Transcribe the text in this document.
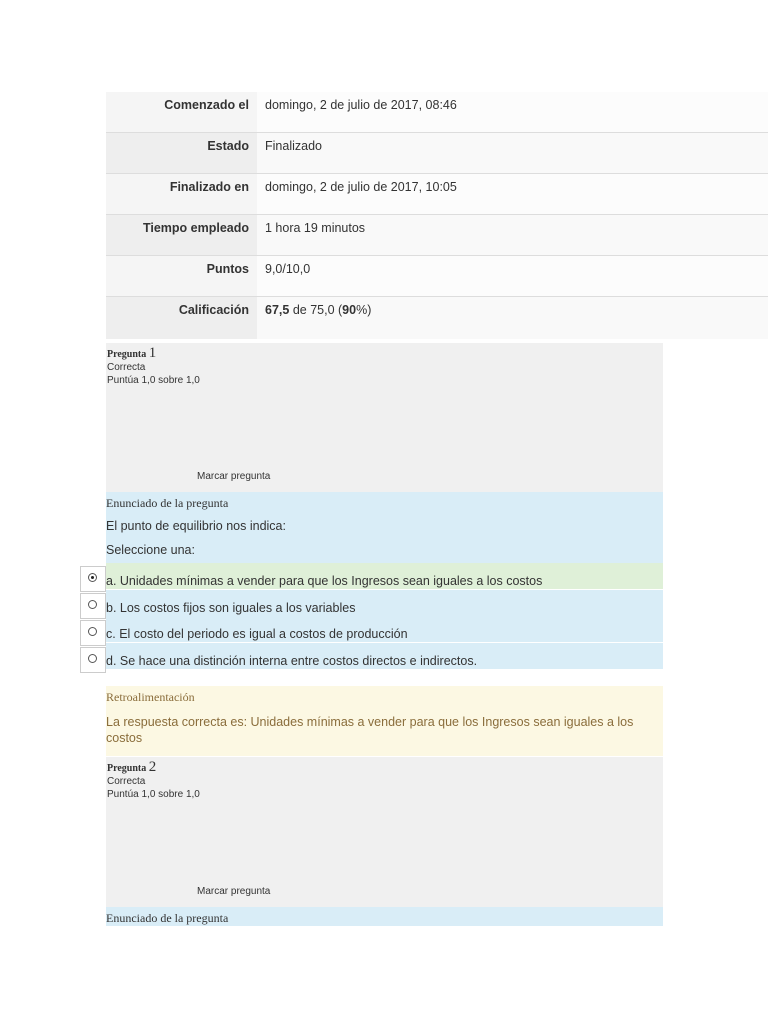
Comenzado el	domingo, 2 de julio de 2017, 08:46
Estado	Finalizado
Finalizado en	domingo, 2 de julio de 2017, 10:05
Tiempo empleado	1 hora 19 minutos
Puntos	9,0/10,0
Calificación	67,5 de 75,0 (90%)
Pregunta 1
Correcta
Puntúa 1,0 sobre 1,0
Marcar pregunta
Enunciado de la pregunta
El punto de equilibrio nos indica:
Seleccione una:
a. Unidades mínimas a vender para que los Ingresos sean iguales a los costos
b. Los costos fijos son iguales a los variables
c. El costo del periodo es igual a costos de producción
d. Se hace una distinción interna entre costos directos e indirectos.
Retroalimentación
La respuesta correcta es: Unidades mínimas a vender para que los Ingresos sean iguales a los costos
Pregunta 2
Correcta
Puntúa 1,0 sobre 1,0
Marcar pregunta
Enunciado de la pregunta
